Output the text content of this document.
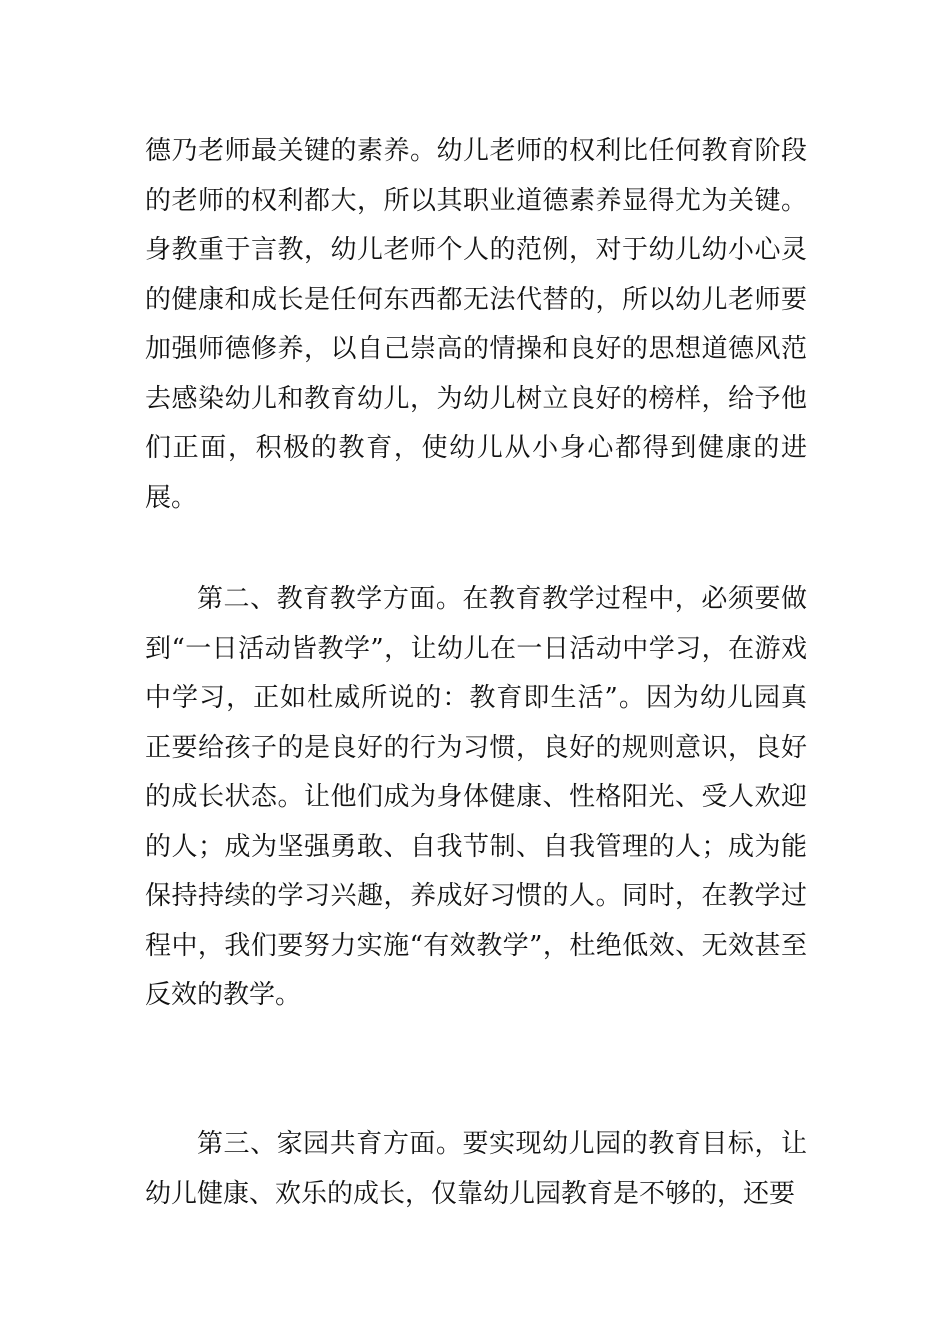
德乃老师最关键的素养。幼儿老师的权利比任何教育阶段的老师的权利都大，所以其职业道德素养显得尤为关键。身教重于言教，幼儿老师个人的范例，对于幼儿幼小心灵的健康和成长是任何东西都无法代替的，所以幼儿老师要加强师德修养，以自己崇高的情操和良好的思想道德风范去感染幼儿和教育幼儿，为幼儿树立良好的榜样，给予他们正面，积极的教育，使幼儿从小身心都得到健康的进展。

第二、教育教学方面。在教育教学过程中，必须要做到“一日活动皆教学”，让幼儿在一日活动中学习，在游戏中学习，正如杜威所说的：教育即生活”。因为幼儿园真正要给孩子的是良好的行为习惯，良好的规则意识，良好的成长状态。让他们成为身体健康、性格阳光、受人欢迎的人；成为坚强勇敢、自我节制、自我管理的人；成为能保持持续的学习兴趣，养成好习惯的人。同时，在教学过程中，我们要努力实施“有效教学”，杜绝低效、无效甚至反效的教学。

第三、家园共育方面。要实现幼儿园的教育目标，让幼儿健康、欢乐的成长，仅靠幼儿园教育是不够的，还要
